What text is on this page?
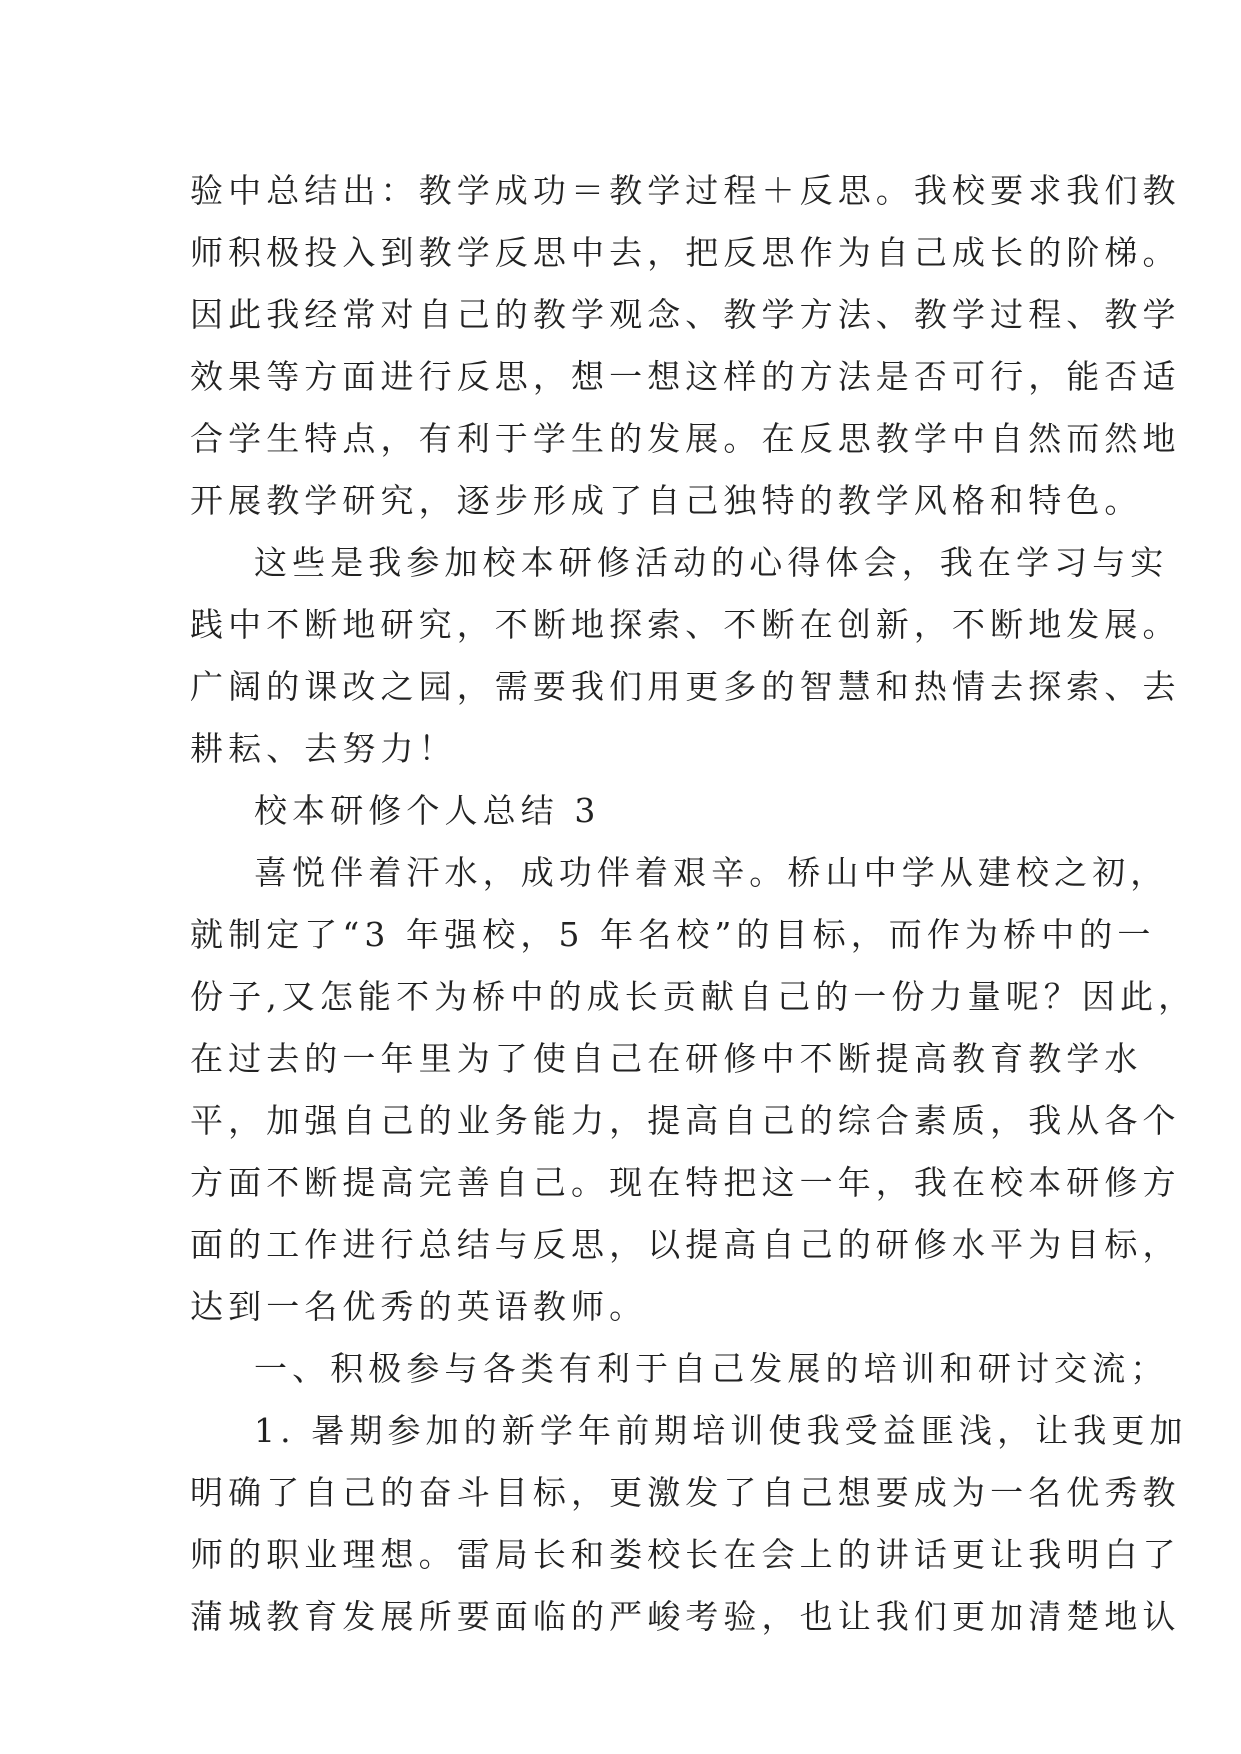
验中总结出：教学成功＝教学过程＋反思。我校要求我们教
师积极投入到教学反思中去，把反思作为自己成长的阶梯。
因此我经常对自己的教学观念、教学方法、教学过程、教学
效果等方面进行反思，想一想这样的方法是否可行，能否适
合学生特点，有利于学生的发展。在反思教学中自然而然地
开展教学研究，逐步形成了自己独特的教学风格和特色。
这些是我参加校本研修活动的心得体会，我在学习与实
践中不断地研究，不断地探索、不断在创新，不断地发展。
广阔的课改之园，需要我们用更多的智慧和热情去探索、去
耕耘、去努力！
校本研修个人总结 3
喜悦伴着汗水，成功伴着艰辛。桥山中学从建校之初，
就制定了“3 年强校，5 年名校”的目标，而作为桥中的一
份子,又怎能不为桥中的成长贡献自己的一份力量呢？因此，
在过去的一年里为了使自己在研修中不断提高教育教学水
平，加强自己的业务能力，提高自己的综合素质，我从各个
方面不断提高完善自己。现在特把这一年，我在校本研修方
面的工作进行总结与反思，以提高自己的研修水平为目标，
达到一名优秀的英语教师。
一、积极参与各类有利于自己发展的培训和研讨交流；
1. 暑期参加的新学年前期培训使我受益匪浅，让我更加
明确了自己的奋斗目标，更激发了自己想要成为一名优秀教
师的职业理想。雷局长和娄校长在会上的讲话更让我明白了
蒲城教育发展所要面临的严峻考验，也让我们更加清楚地认
